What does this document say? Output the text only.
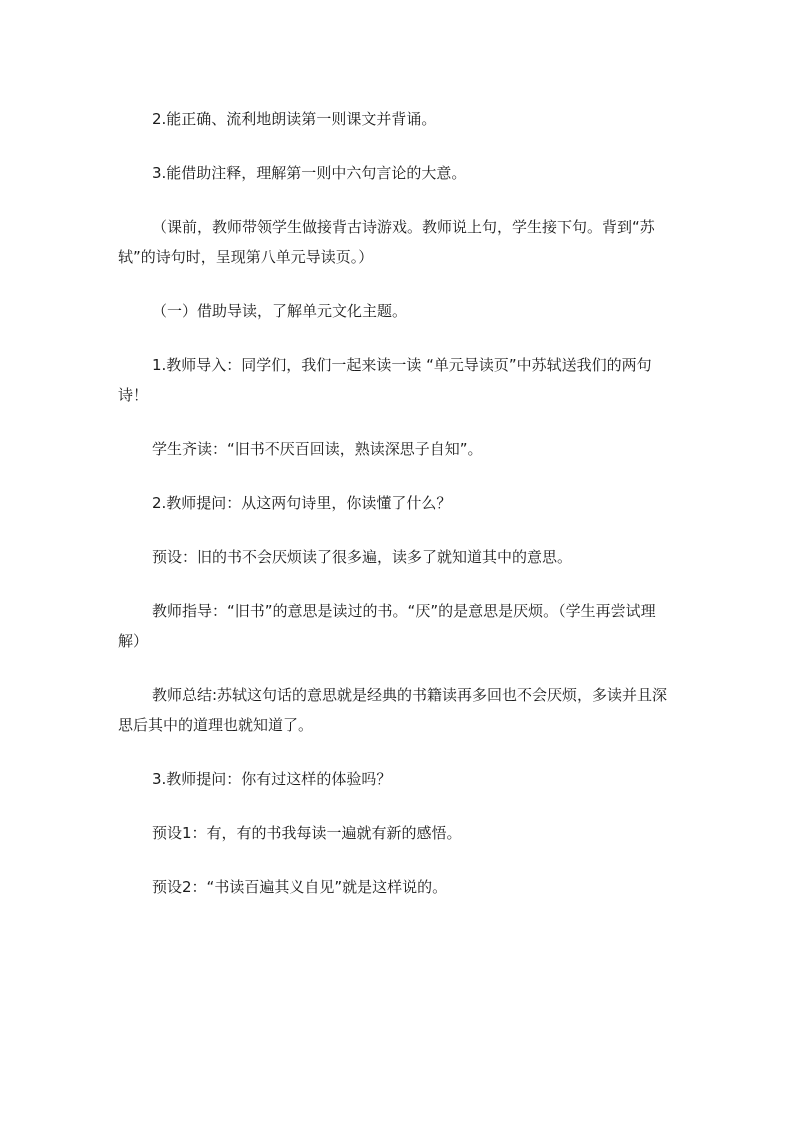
2.能正确、流利地朗读第一则课文并背诵。

3.能借助注释，理解第一则中六句言论的大意。

（课前，教师带领学生做接背古诗游戏。教师说上句，学生接下句。背到“苏轼”的诗句时，呈现第八单元导读页。）

（一）借助导读，了解单元文化主题。

1.教师导入：同学们，我们一起来读一读 “单元导读页”中苏轼送我们的两句诗！

学生齐读：“旧书不厌百回读，熟读深思子自知”。

2.教师提问：从这两句诗里，你读懂了什么？

预设：旧的书不会厌烦读了很多遍，读多了就知道其中的意思。

教师指导：“旧书”的意思是读过的书。“厌”的是意思是厌烦。（学生再尝试理解）

教师总结:苏轼这句话的意思就是经典的书籍读再多回也不会厌烦，多读并且深思后其中的道理也就知道了。

3.教师提问：你有过这样的体验吗？

预设1：有，有的书我每读一遍就有新的感悟。

预设2：“书读百遍其义自见”就是这样说的。
